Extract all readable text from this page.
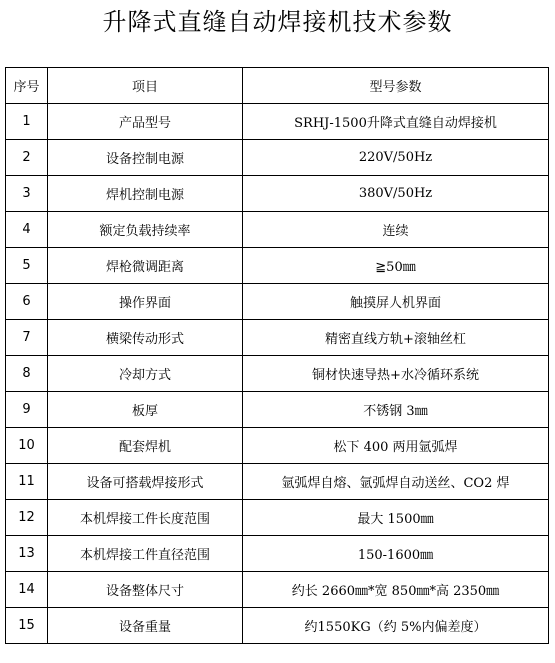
升降式直缝自动焊接机技术参数
序号	项目	型号参数
1	产品型号	SRHJ-1500升降式直缝自动焊接机
2	设备控制电源	220V/50Hz
3	焊机控制电源	380V/50Hz
4	额定负载持续率	连续
5	焊枪微调距离	≧50㎜
6	操作界面	触摸屏人机界面
7	横梁传动形式	精密直线方轨+滚轴丝杠
8	冷却方式	铜材快速导热+水冷循环系统
9	板厚	不锈钢 3㎜
10	配套焊机	松下 400 两用氩弧焊
11	设备可搭载焊接形式	氩弧焊自熔、氩弧焊自动送丝、CO2 焊
12	本机焊接工件长度范围	最大 1500㎜
13	本机焊接工件直径范围	150-1600㎜
14	设备整体尺寸	约长 2660㎜*宽 850㎜*高 2350㎜
15	设备重量	约1550KG（约 5%内偏差度）
